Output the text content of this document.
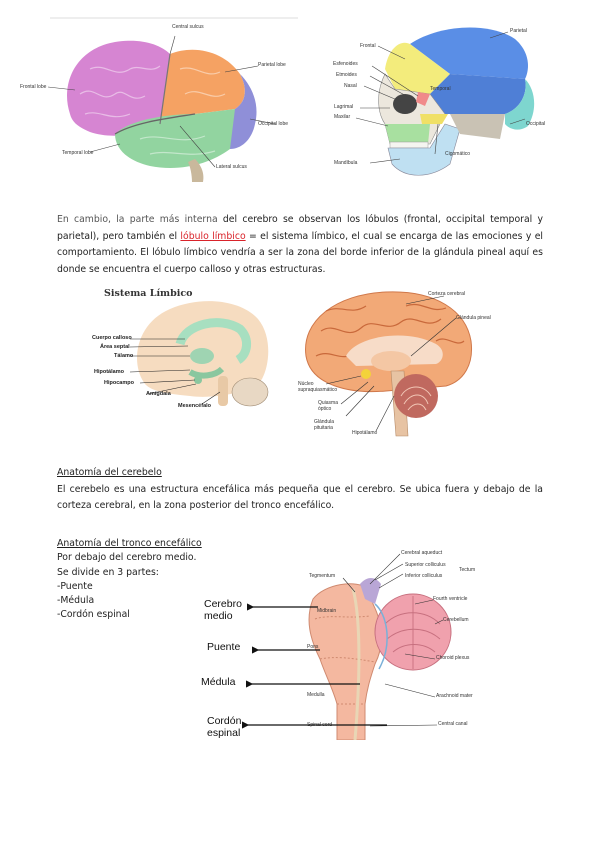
Central sulcus
Frontal lobe
Parietal lobe
Occipital lobe
Temporal lobe
Lateral sulcus
Frontal
Parietal
Esfenoides
Etmoides
Nasal
Lagrimal
Maxilar
Temporal
Occipital
Cigomático
Mandíbula

En cambio, la parte más interna del cerebro se observan los lóbulos (frontal, occipital temporal y parietal), pero también el lóbulo límbico = el sistema límbico, el cual se encarga de las emociones y el comportamiento. El lóbulo límbico vendría a ser la zona del borde inferior de la glándula pineal aquí es donde se encuentra el cuerpo calloso y otras estructuras.

Sistema Límbico
Cuerpo calloso
Área septal
Tálamo
Hipotálamo
Hipocampo
Amígdala
Mesencéfalo
Corteza cerebral
Glándula pineal
Núcleo
supraquiasmático
Quiasma
óptico
Glándula
pituitaria
Hipotálamo
Anatomía del cerebelo
El cerebelo es una estructura encefálica más pequeña que el cerebro. Se ubica fuera y debajo de la corteza cerebral, en la zona posterior del tronco encefálico.
Anatomía del tronco encefálico
Por debajo del cerebro medio.
Se divide en 3 partes:
-Puente
-Médula
-Cordón espinal
Tegmentum
Midbrain
Pons
Medulla
Spinal cord
Cerebral aqueduct
Superior colliculus
Inferior colliculus
Tectum
Fourth ventricle
Cerebellum
Choroid plexus
Arachnoid mater
Central canal
Cerebro
medio
Puente
Médula
Cordón
espinal
